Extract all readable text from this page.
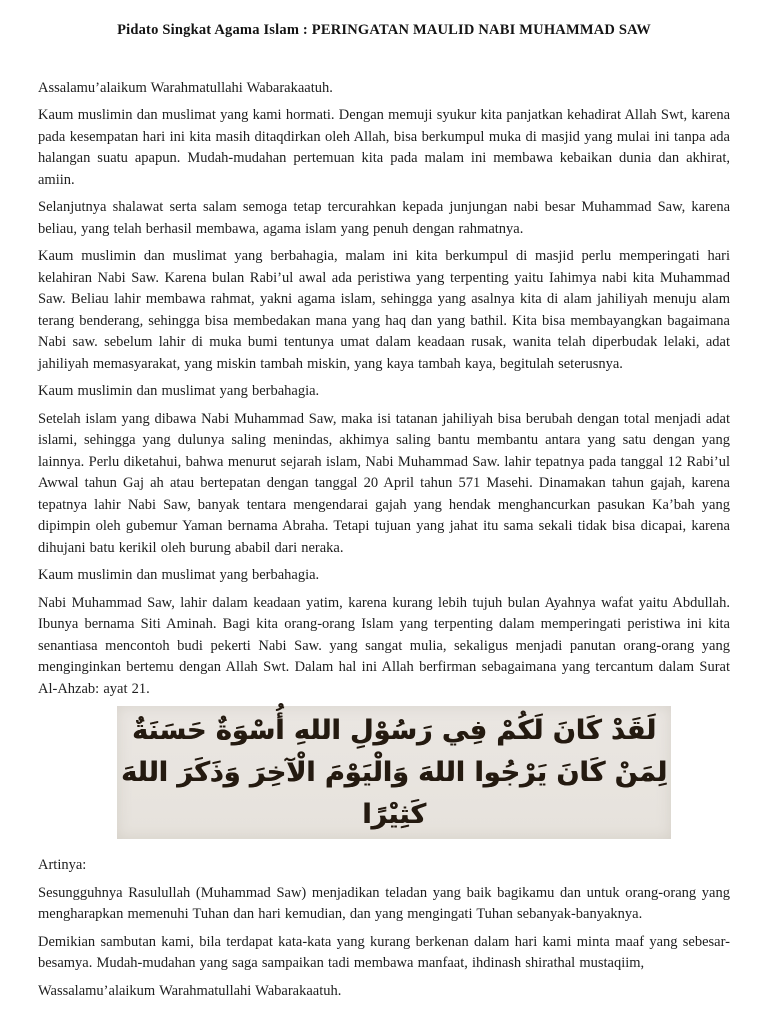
Pidato Singkat Agama Islam : PERINGATAN MAULID NABI MUHAMMAD SAW

Assalamu’alaikum Warahmatullahi Wabarakaatuh.

Kaum muslimin dan muslimat yang kami hormati. Dengan memuji syukur kita panjatkan kehadirat Allah Swt, karena pada kesempatan hari ini kita masih ditaqdirkan oleh Allah, bisa berkumpul muka di masjid yang mulai ini tanpa ada halangan suatu apapun. Mudah-mudahan pertemuan kita pada malam ini membawa kebaikan dunia dan akhirat, amiin.

Selanjutnya shalawat serta salam semoga tetap tercurahkan kepada junjungan nabi besar Muhammad Saw, karena beliau, yang telah berhasil membawa, agama islam yang penuh dengan rahmatnya.

Kaum muslimin dan muslimat yang berbahagia, malam ini kita berkumpul di masjid perlu memperingati hari kelahiran Nabi Saw. Karena bulan Rabi’ul awal ada peristiwa yang terpenting yaitu Iahimya nabi kita Muhammad Saw. Beliau lahir membawa rahmat, yakni agama islam, sehingga yang asalnya kita di alam jahiliyah menuju alam terang benderang, sehingga bisa membedakan mana yang haq dan yang bathil. Kita bisa membayangkan bagaimana Nabi saw. sebelum lahir di muka bumi tentunya umat dalam keadaan rusak, wanita telah diperbudak lelaki, adat jahiliyah memasyarakat, yang miskin tambah miskin, yang kaya tambah kaya, begitulah seterusnya.

Kaum muslimin dan muslimat yang berbahagia.

Setelah islam yang dibawa Nabi Muhammad Saw, maka isi tatanan jahiliyah bisa berubah dengan total menjadi adat islami, sehingga yang dulunya saling menindas, akhimya saling bantu membantu antara yang satu dengan yang lainnya. Perlu diketahui, bahwa menurut sejarah islam, Nabi Muhammad Saw. lahir tepatnya pada tanggal 12 Rabi’ul Awwal tahun Gaj ah atau bertepatan dengan tanggal 20 April tahun 571 Masehi. Dinamakan tahun gajah, karena tepatnya lahir Nabi Saw, banyak tentara mengendarai gajah yang hendak menghancurkan pasukan Ka’bah yang dipimpin oleh gubemur Yaman bernama Abraha. Tetapi tujuan yang jahat itu sama sekali tidak bisa dicapai, karena dihujani batu kerikil oleh burung ababil dari neraka.

Kaum muslimin dan muslimat yang berbahagia.

Nabi Muhammad Saw, lahir dalam keadaan yatim, karena kurang lebih tujuh bulan Ayahnya wafat yaitu Abdullah. Ibunya bernama Siti Aminah. Bagi kita orang-orang Islam yang terpenting dalam memperingati peristiwa ini kita senantiasa mencontoh budi pekerti Nabi Saw. yang sangat mulia, sekaligus menjadi panutan orang-orang yang menginginkan bertemu dengan Allah Swt. Dalam hal ini Allah berfirman sebagaimana yang tercantum dalam Surat Al-Ahzab: ayat 21.

لَقَدْ كَانَ لَكُمْ فِي رَسُوْلِ اللهِ أُسْوَةٌ حَسَنَةٌ
لِمَنْ كَانَ يَرْجُوا اللهَ وَالْيَوْمَ الْآخِرَ وَذَكَرَ اللهَ
كَثِيْرًا

Artinya:

Sesungguhnya Rasulullah (Muhammad Saw) menjadikan teladan yang baik bagikamu dan untuk orang-orang yang mengharapkan memenuhi Tuhan dan hari kemudian, dan yang mengingati Tuhan sebanyak-banyaknya.

Demikian sambutan kami, bila terdapat kata-kata yang kurang berkenan dalam hari kami minta maaf yang sebesar-besamya. Mudah-mudahan yang saga sampaikan tadi membawa manfaat, ihdinash shirathal mustaqiim,

Wassalamu’alaikum Warahmatullahi Wabarakaatuh.
